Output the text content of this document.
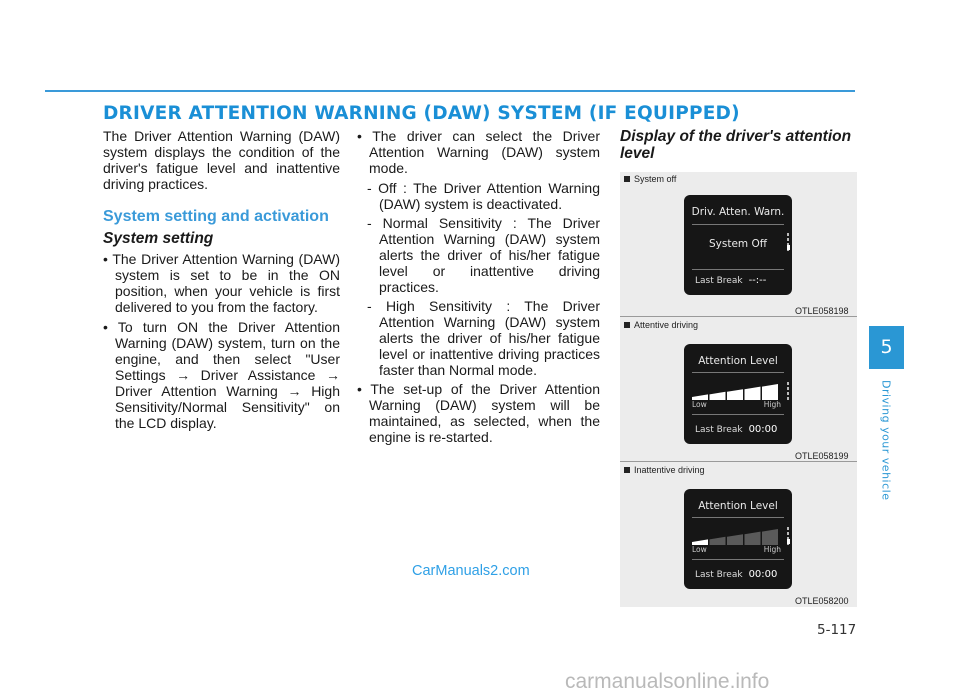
DRIVER ATTENTION WARNING (DAW) SYSTEM (IF EQUIPPED)

The Driver Attention Warning (DAW) system displays the condition of the driver's fatigue level and inattentive driving practices.

System setting and activation
System setting

• The Driver Attention Warning (DAW) system is set to be in the ON position, when your vehicle is first delivered to you from the factory.

• To turn ON the Driver Attention Warning (DAW) system, turn on the engine, and then select "User Settings → Driver Assistance → Driver Attention Warning → High Sensitivity/Normal Sensitivity" on the LCD display.

• The driver can select the Driver Attention Warning (DAW) system mode.

- Off : The Driver Attention Warning (DAW) system is deactivated.

- Normal Sensitivity : The Driver Attention Warning (DAW) system alerts the driver of his/her fatigue level or inattentive driving practices.

- High Sensitivity : The Driver Attention Warning (DAW) system alerts the driver of his/her fatigue level or inattentive driving practices faster than Normal mode.

• The set-up of the Driver Attention Warning (DAW) system will be maintained, as selected, when the engine is re-started.

Display of the driver's attention level
System off
Driv. Atten. Warn.
System Off
Last Break --:--
OTLE058198
Attentive driving
Attention Level
Low	High
Last Break 00:00
OTLE058199
Inattentive driving
Attention Level
Low	High
Last Break 00:00
OTLE058200
5
Driving your vehicle
5-117
CarManuals2.com
carmanualsonline.info
